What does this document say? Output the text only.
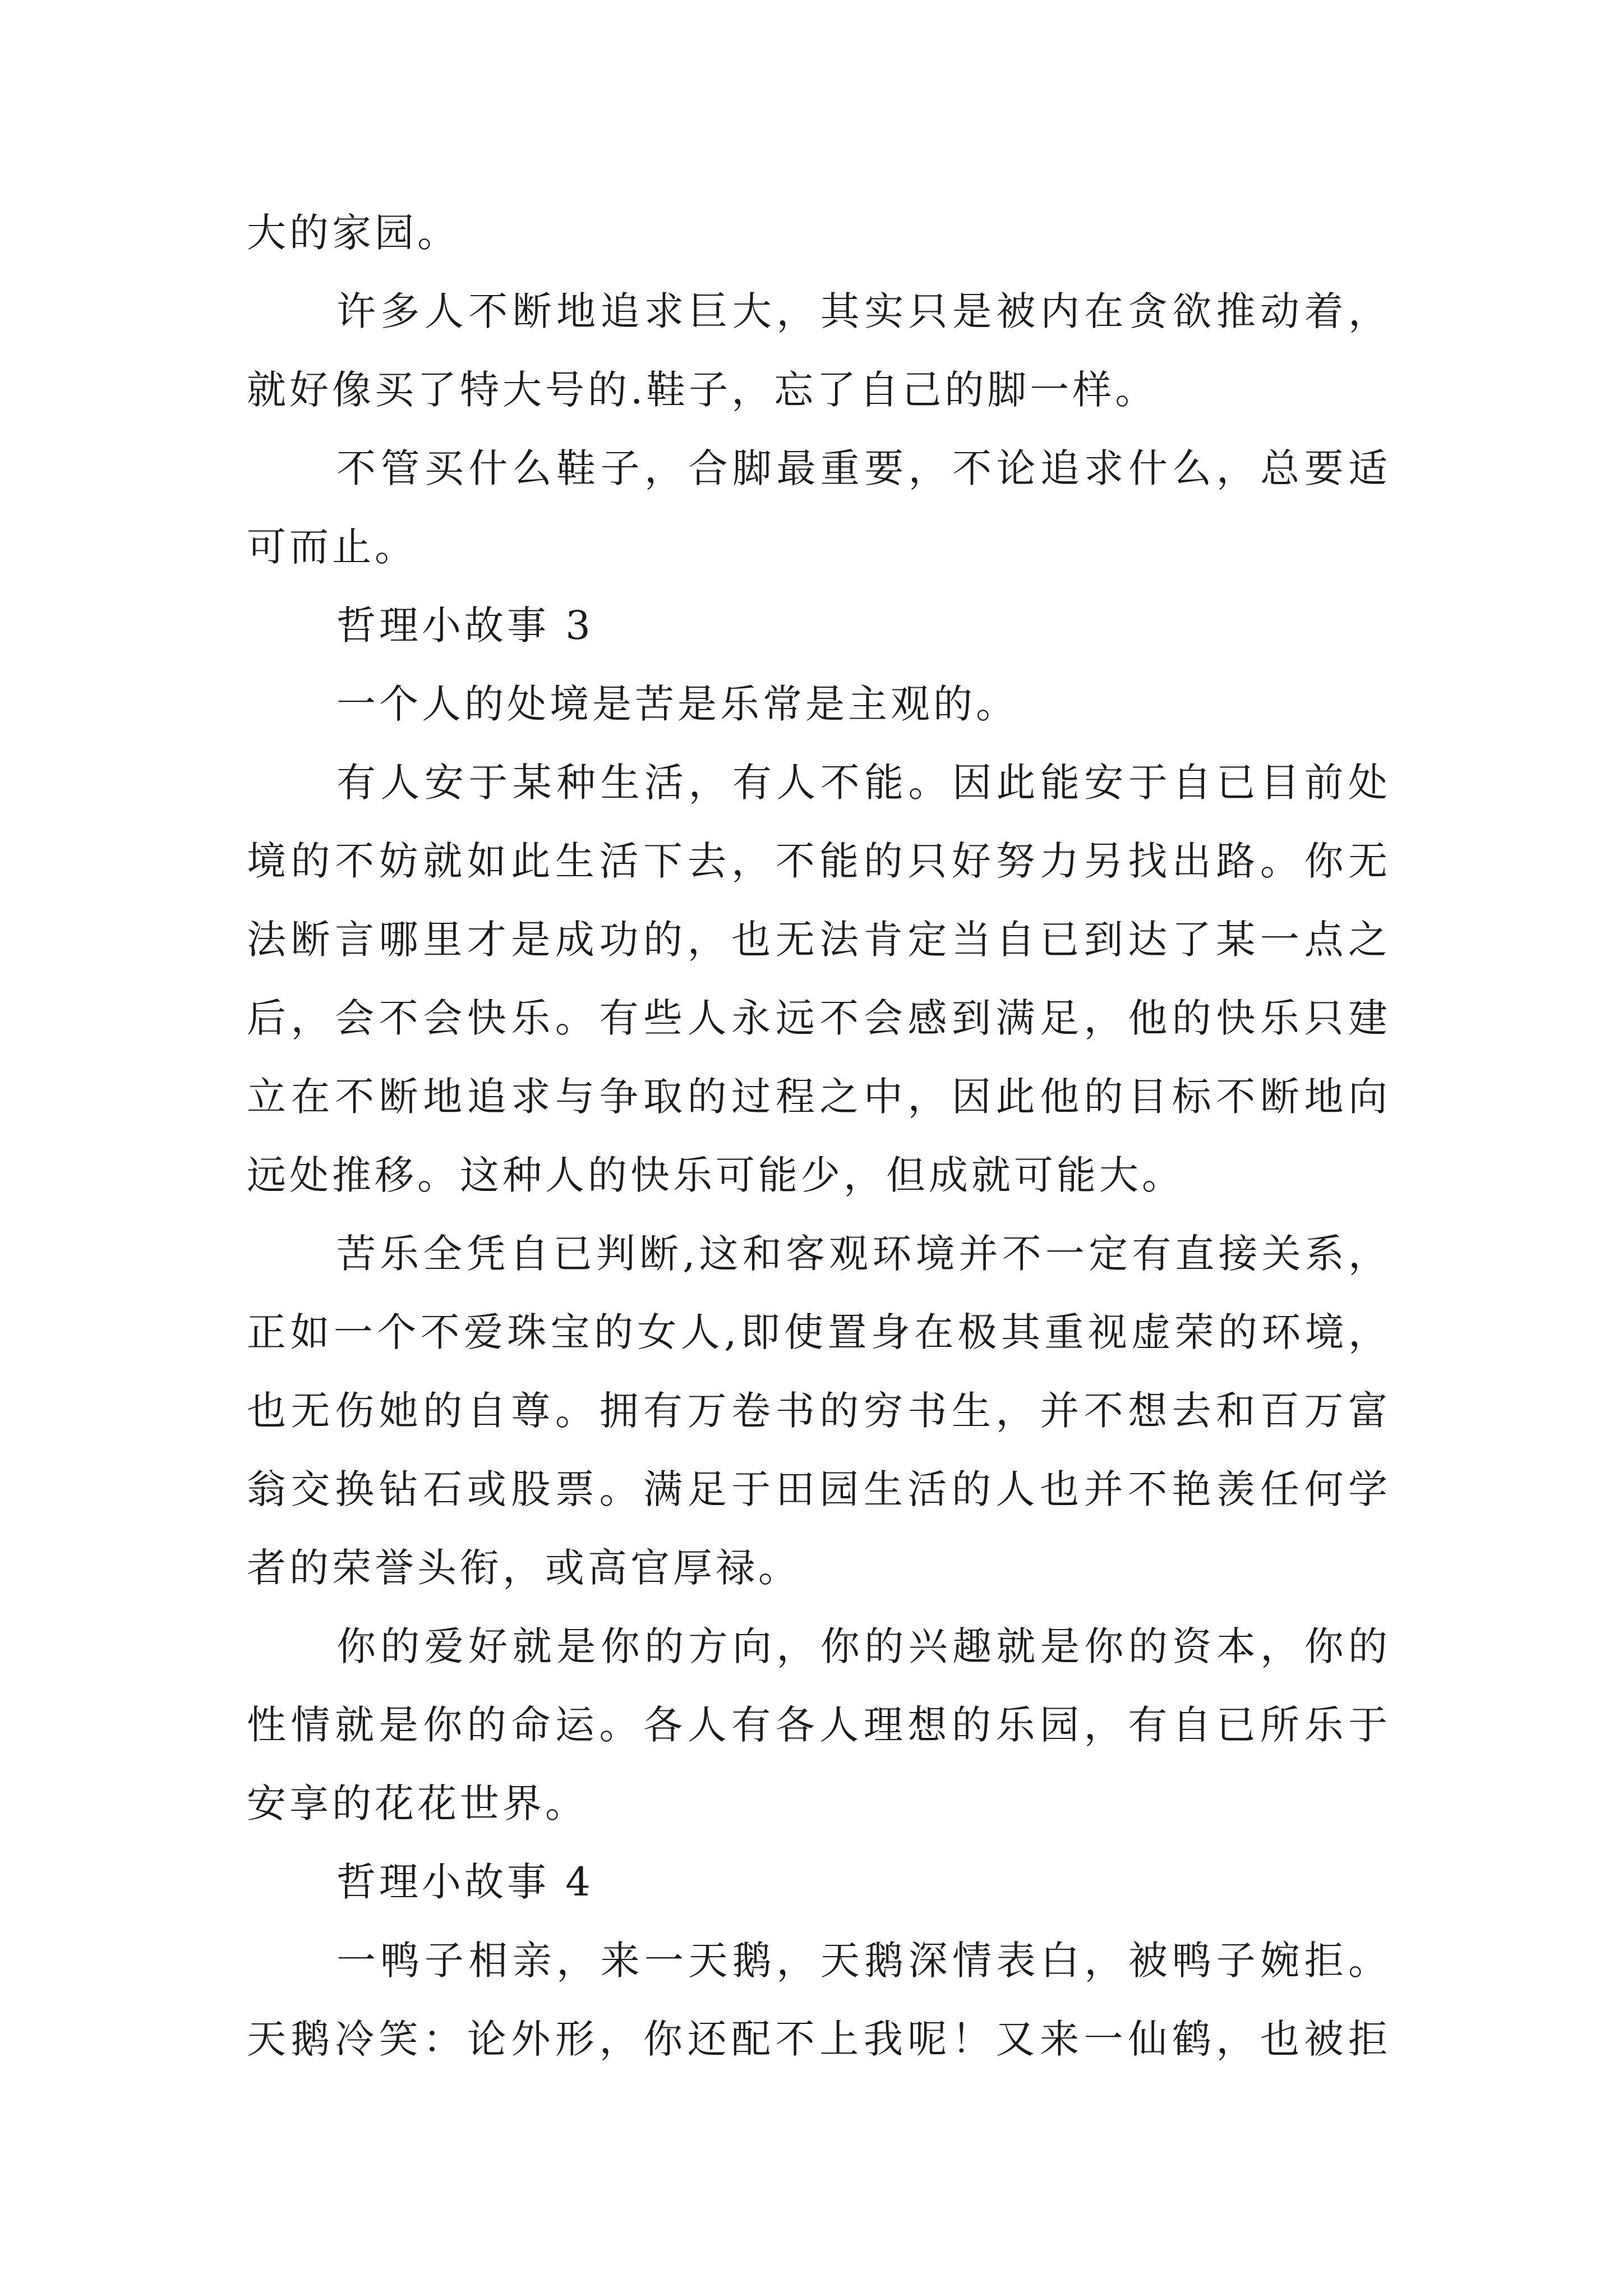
大的家园。
许多人不断地追求巨大，其实只是被内在贪欲推动着，
就好像买了特大号的.鞋子，忘了自己的脚一样。
不管买什么鞋子，合脚最重要，不论追求什么，总要适
可而止。
哲理小故事 3
一个人的处境是苦是乐常是主观的。
有人安于某种生活，有人不能。因此能安于自已目前处
境的不妨就如此生活下去，不能的只好努力另找出路。你无
法断言哪里才是成功的，也无法肯定当自已到达了某一点之
后，会不会快乐。有些人永远不会感到满足，他的快乐只建
立在不断地追求与争取的过程之中，因此他的目标不断地向
远处推移。这种人的快乐可能少，但成就可能大。
苦乐全凭自已判断,这和客观环境并不一定有直接关系，
正如一个不爱珠宝的女人,即使置身在极其重视虚荣的环境，
也无伤她的自尊。拥有万卷书的穷书生，并不想去和百万富
翁交换钻石或股票。满足于田园生活的人也并不艳羡任何学
者的荣誉头衔，或高官厚禄。
你的爱好就是你的方向，你的兴趣就是你的资本，你的
性情就是你的命运。各人有各人理想的乐园，有自已所乐于
安享的花花世界。
哲理小故事 4
一鸭子相亲，来一天鹅，天鹅深情表白，被鸭子婉拒。
天鹅冷笑：论外形，你还配不上我呢！又来一仙鹤，也被拒
